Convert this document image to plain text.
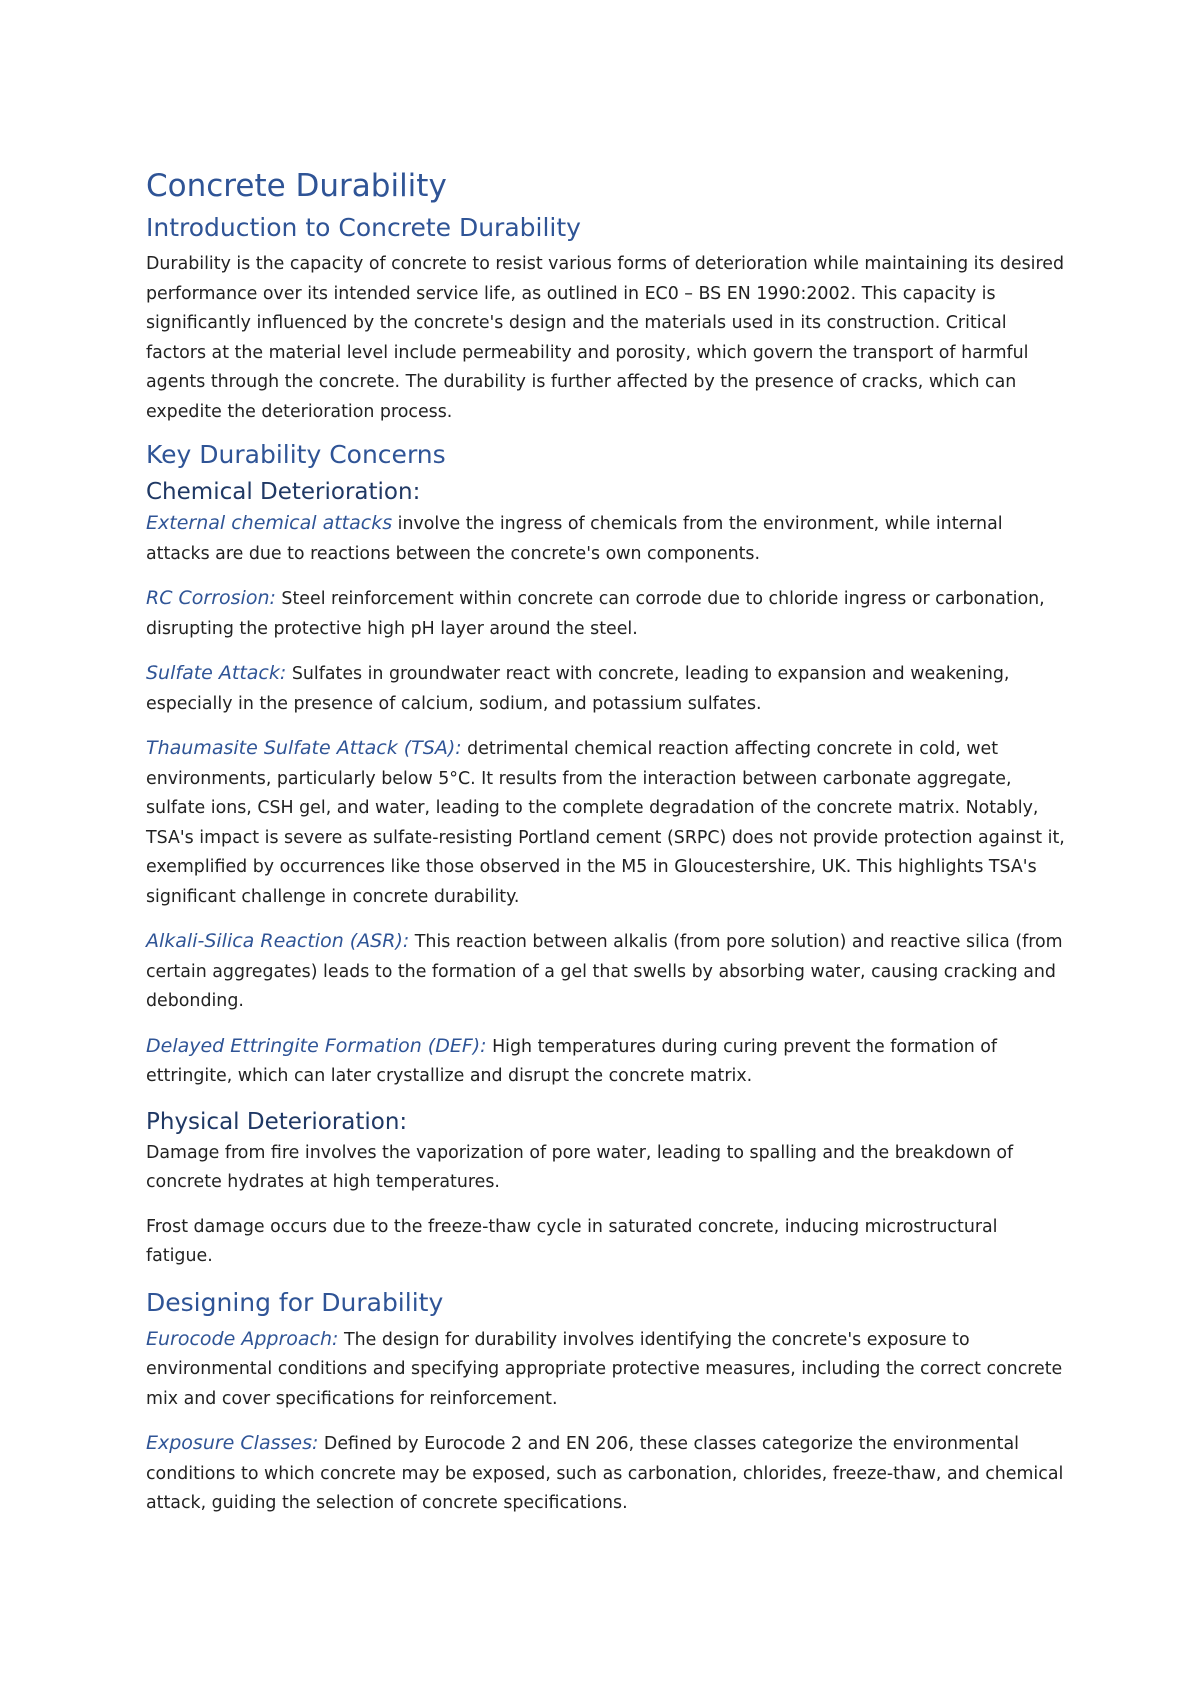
Concrete Durability
Introduction to Concrete Durability

Durability is the capacity of concrete to resist various forms of deterioration while maintaining its desired performance over its intended service life, as outlined in EC0 – BS EN 1990:2002. This capacity is significantly influenced by the concrete's design and the materials used in its construction. Critical factors at the material level include permeability and porosity, which govern the transport of harmful agents through the concrete. The durability is further affected by the presence of cracks, which can expedite the deterioration process.

Key Durability Concerns
Chemical Deterioration:

External chemical attacks involve the ingress of chemicals from the environment, while internal attacks are due to reactions between the concrete's own components.

RC Corrosion: Steel reinforcement within concrete can corrode due to chloride ingress or carbonation, disrupting the protective high pH layer around the steel.

Sulfate Attack: Sulfates in groundwater react with concrete, leading to expansion and weakening, especially in the presence of calcium, sodium, and potassium sulfates.

Thaumasite Sulfate Attack (TSA): detrimental chemical reaction affecting concrete in cold, wet environments, particularly below 5°C. It results from the interaction between carbonate aggregate, sulfate ions, CSH gel, and water, leading to the complete degradation of the concrete matrix. Notably, TSA's impact is severe as sulfate-resisting Portland cement (SRPC) does not provide protection against it, exemplified by occurrences like those observed in the M5 in Gloucestershire, UK. This highlights TSA's significant challenge in concrete durability.

Alkali-Silica Reaction (ASR): This reaction between alkalis (from pore solution) and reactive silica (from certain aggregates) leads to the formation of a gel that swells by absorbing water, causing cracking and debonding.

Delayed Ettringite Formation (DEF): High temperatures during curing prevent the formation of ettringite, which can later crystallize and disrupt the concrete matrix.

Physical Deterioration:

Damage from fire involves the vaporization of pore water, leading to spalling and the breakdown of concrete hydrates at high temperatures.

Frost damage occurs due to the freeze-thaw cycle in saturated concrete, inducing microstructural fatigue.

Designing for Durability

Eurocode Approach: The design for durability involves identifying the concrete's exposure to environmental conditions and specifying appropriate protective measures, including the correct concrete mix and cover specifications for reinforcement.

Exposure Classes: Defined by Eurocode 2 and EN 206, these classes categorize the environmental conditions to which concrete may be exposed, such as carbonation, chlorides, freeze-thaw, and chemical attack, guiding the selection of concrete specifications.
